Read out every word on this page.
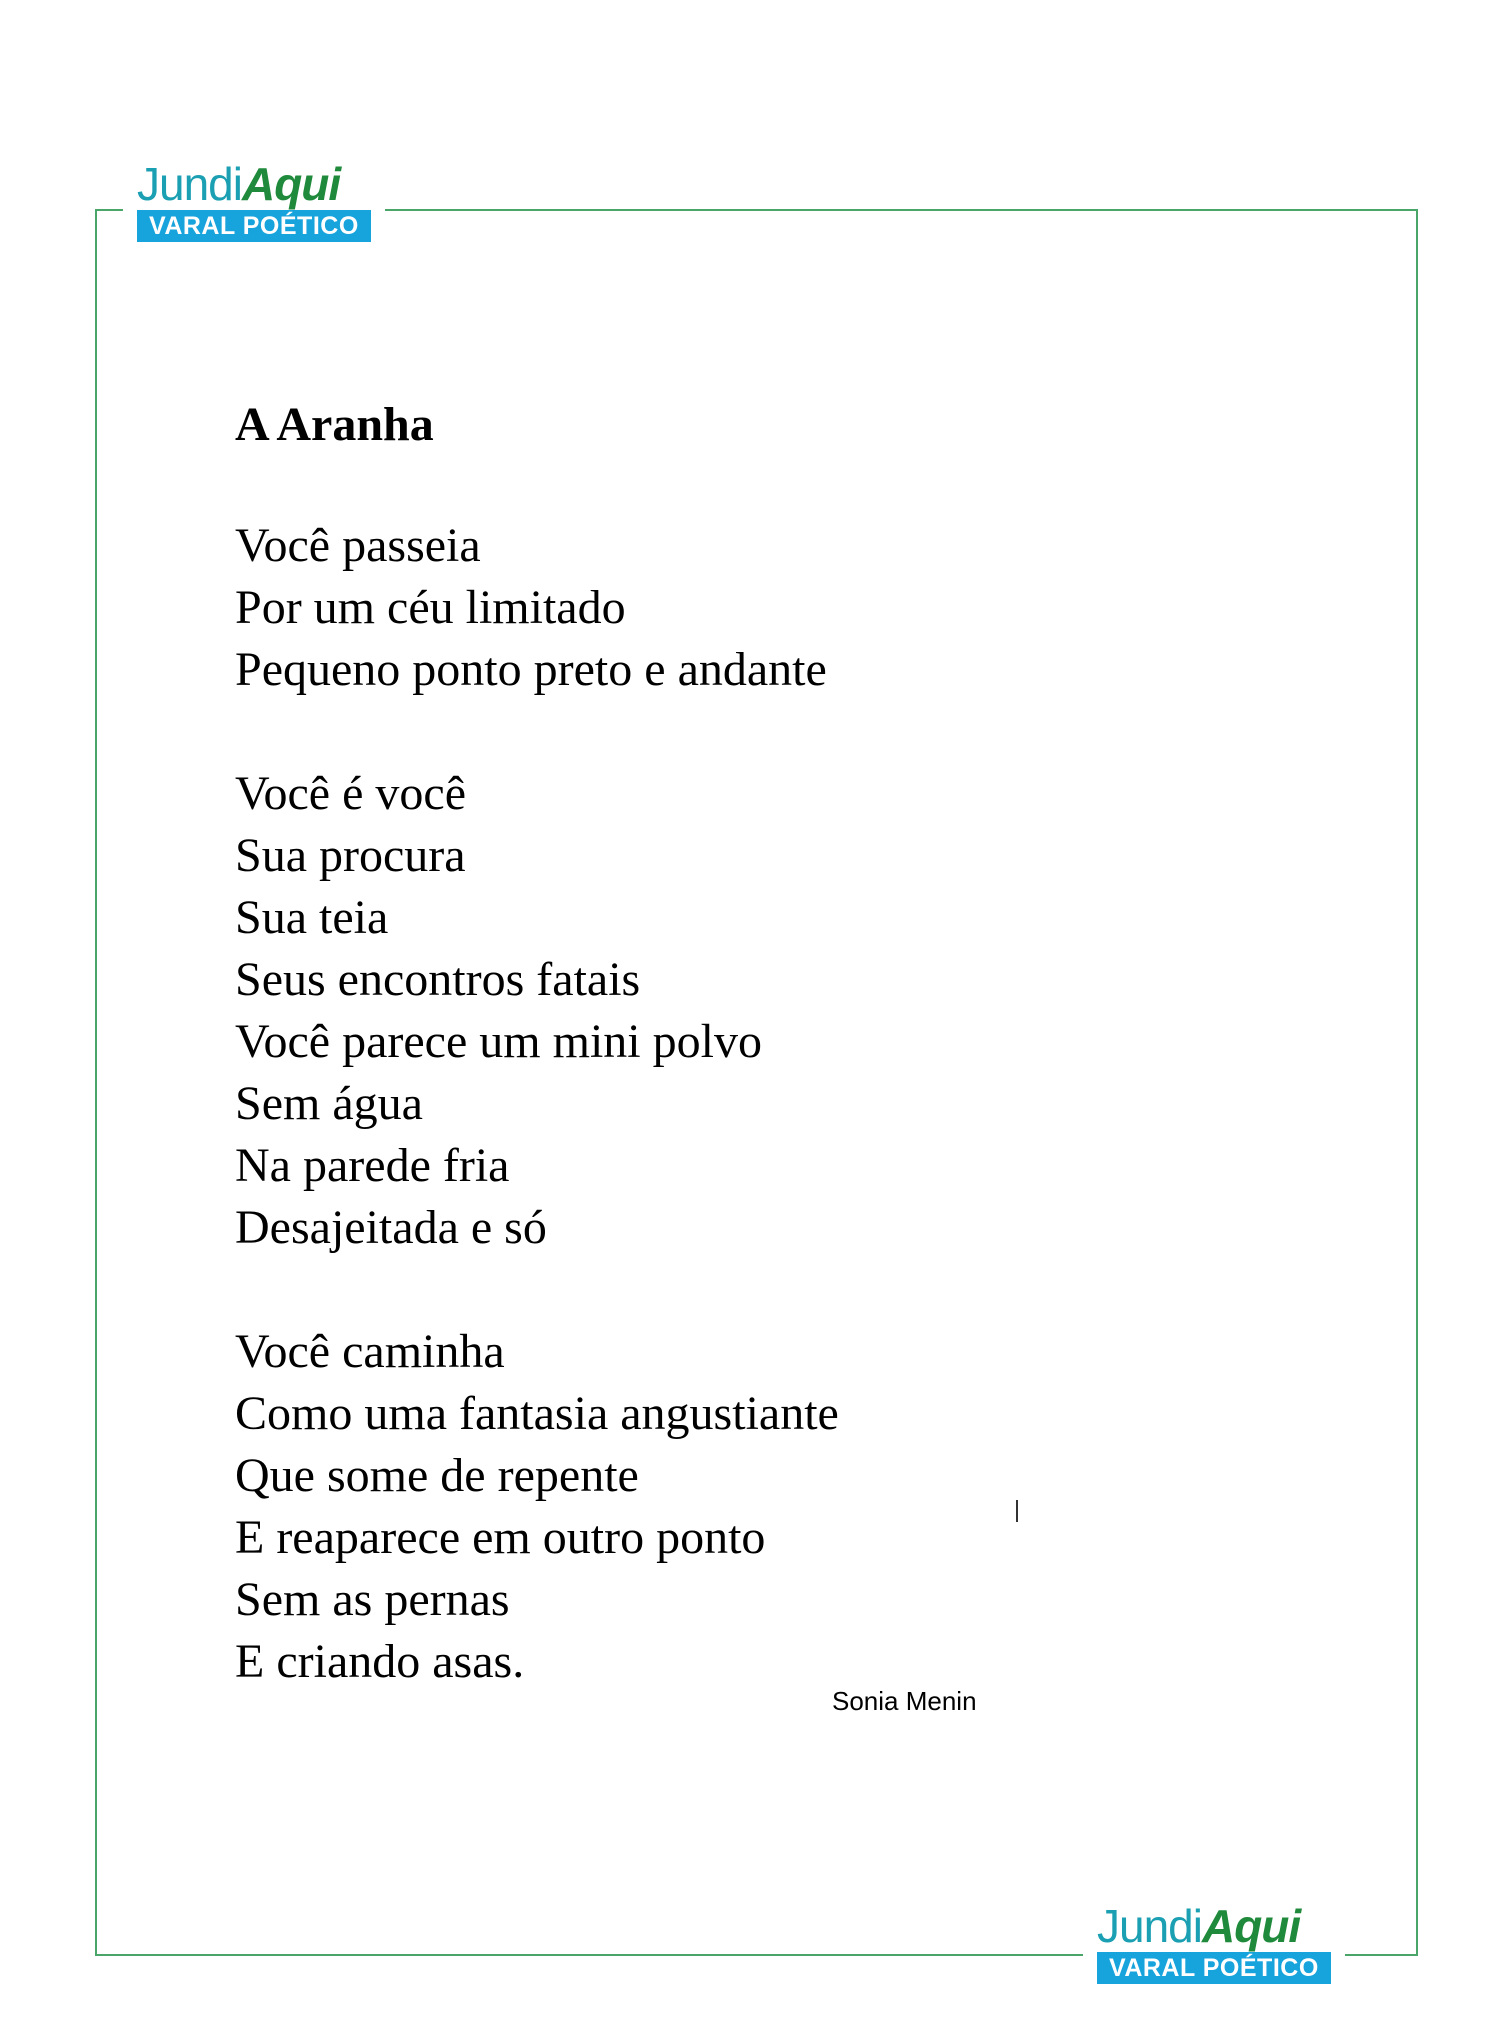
JundiAqui
VARAL POÉTICO
A Aranha
Você passeia
Por um céu limitado
Pequeno ponto preto e andante
Você é você
Sua procura
Sua teia
Seus encontros fatais
Você parece um mini polvo
Sem água
Na parede fria
Desajeitada e só
Você caminha
Como uma fantasia angustiante
Que some de repente
E reaparece em outro ponto
Sem as pernas
E criando asas.
Sonia Menin
JundiAqui
VARAL POÉTICO
